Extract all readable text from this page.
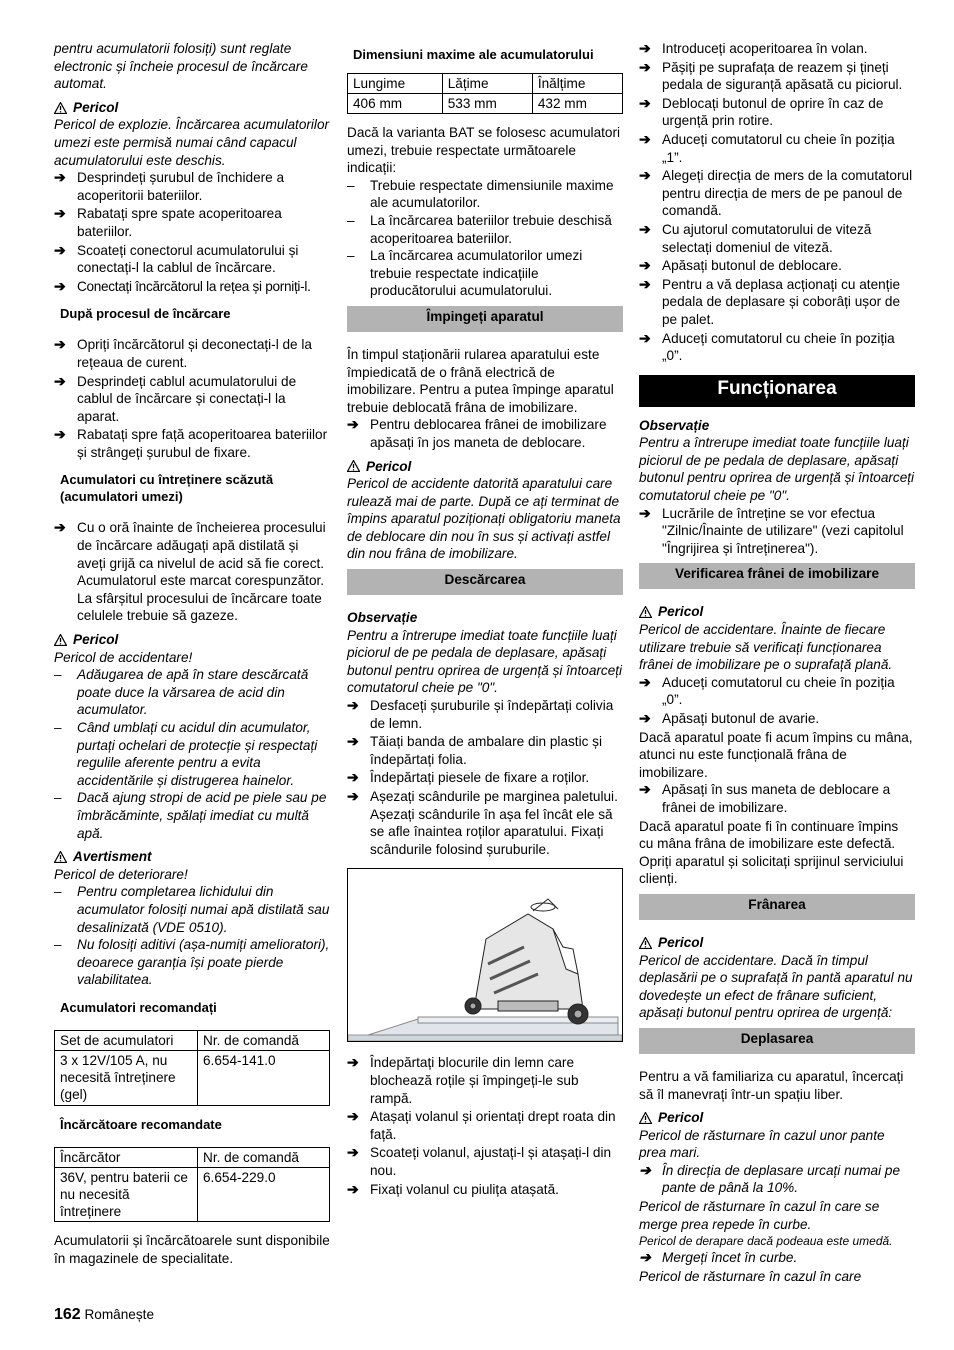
pentru acumulatorii folosiți) sunt reglate electronic și încheie procesul de încărcare automat.

Pericol

Pericol de explozie. Încărcarea acumulatorilor umezi este permisă numai când capacul acumulatorului este deschis.

➔ Desprindeți șurubul de închidere a acoperitorii bateriilor.
➔ Rabatați spre spate acoperitoarea bateriilor.
➔ Scoateți conectorul acumulatorului și conectați-l la cablul de încărcare.
➔ Conectați încărcătorul la rețea și porniți-l.
După procesul de încărcare
➔ Opriți încărcătorul și deconectați-l de la rețeaua de curent.
➔ Desprindeți cablul acumulatorului de cablul de încărcare și conectați-l la aparat.
➔ Rabatați spre față acoperitoarea bateriilor și strângeți șurubul de fixare.
Acumulatori cu întreținere scăzută (acumulatori umezi)
➔ Cu o oră înainte de încheierea procesului de încărcare adăugați apă distilată și aveți grijă ca nivelul de acid să fie corect. Acumulatorul este marcat corespunzător. La sfârșitul procesului de încărcare toate celulele trebuie să gazeze.
Pericol

Pericol de accidentare!

–	Adăugarea de apă în stare descărcată poate duce la vărsarea de acid din acumulator.
–	Când umblați cu acidul din acumulator, purtați ochelari de protecție și respectați regulile aferente pentru a evita accidentările și distrugerea hainelor.
–	Dacă ajung stropi de acid pe piele sau pe îmbrăcăminte, spălați imediat cu multă apă.
Avertisment

Pericol de deteriorare!

–	Pentru completarea lichidului din acumulator folosiți numai apă distilată sau desalinizată (VDE 0510).
–	Nu folosiți aditivi (așa-numiți amelioratori), deoarece garanția își poate pierde valabilitatea.
Acumulatori recomandați
Set de acumulatori	Nr. de comandă
3 x 12V/105 A, nu necesită întreținere (gel)	6.654-141.0
Încărcătoare recomandate
Încărcător	Nr. de comandă
36V, pentru baterii ce nu necesită întreținere	6.654-229.0

Acumulatorii și încărcătoarele sunt disponibile în magazinele de specialitate.

Dimensiuni maxime ale acumulatorului
Lungime	Lățime	Înălțime
406 mm	533 mm	432 mm

Dacă la varianta BAT se folosesc acumulatori umezi, trebuie respectate următoarele indicații:

–	Trebuie respectate dimensiunile maxime ale acumulatorilor.
–	La încărcarea bateriilor trebuie deschisă acoperitoarea bateriilor.
–	La încărcarea acumulatorilor umezi trebuie respectate indicațiile producătorului acumulatorului.
Împingeți aparatul

În timpul staționării rularea aparatului este împiedicată de o frână electrică de imobilizare. Pentru a putea împinge aparatul trebuie deblocată frâna de imobilizare.

➔ Pentru deblocarea frânei de imobilizare apăsați în jos maneta de deblocare.
Pericol

Pericol de accidente datorită aparatului care rulează mai de parte. După ce ați terminat de împins aparatul poziționați obligatoriu maneta de deblocare din nou în sus și activați astfel din nou frâna de imobilizare.

Descărcarea

Observație

Pentru a întrerupe imediat toate funcțiile luați piciorul de pe pedala de deplasare, apăsați butonul pentru oprirea de urgență și întoarceți comutatorul cheie pe "0".

➔ Desfaceți șuruburile și îndepărtați colivia de lemn.
➔ Tăiați banda de ambalare din plastic și îndepărtați folia.
➔ Îndepărtați piesele de fixare a roților.
➔ Așezați scândurile pe marginea paletului. Așezați scândurile în așa fel încât ele să se afle înaintea roților aparatului. Fixați scândurile folosind șuruburile.
➔ Îndepărtați blocurile din lemn care blochează roțile și împingeți-le sub rampă.
➔ Atașați volanul și orientați drept roata din față.
➔ Scoateți volanul, ajustați-l și atașați-l din nou.
➔ Fixați volanul cu piulița atașată.
➔ Introduceți acoperitoarea în volan.
➔ Pășiți pe suprafața de reazem și țineți pedala de siguranță apăsată cu piciorul.
➔ Deblocați butonul de oprire în caz de urgență prin rotire.
➔ Aduceți comutatorul cu cheie în poziția „1”.
➔ Alegeți direcția de mers de la comutatorul pentru direcția de mers de pe panoul de comandă.
➔ Cu ajutorul comutatorului de viteză selectați domeniul de viteză.
➔ Apăsați butonul de deblocare.
➔ Pentru a vă deplasa acționați cu atenție pedala de deplasare și coborâți ușor de pe palet.
➔ Aduceți comutatorul cu cheie în poziția „0”.
Funcționarea

Observație

Pentru a întrerupe imediat toate funcțiile luați piciorul de pe pedala de deplasare, apăsați butonul pentru oprirea de urgență și întoarceți comutatorul cheie pe "0".

➔ Lucrările de întreține se vor efectua "Zilnic/Înainte de utilizare" (vezi capitolul "Îngrijirea și întreținerea").
Verificarea frânei de imobilizare
Pericol

Pericol de accidentare. Înainte de fiecare utilizare trebuie să verificați funcționarea frânei de imobilizare pe o suprafață plană.

➔ Aduceți comutatorul cu cheie în poziția „0”.
➔ Apăsați butonul de avarie.

Dacă aparatul poate fi acum împins cu mâna, atunci nu este funcțională frâna de imobilizare.

➔ Apăsați în sus maneta de deblocare a frânei de imobilizare.

Dacă aparatul poate fi în continuare împins cu mâna frâna de imobilizare este defectă. Opriți aparatul și solicitați sprijinul serviciului clienți.

Frânarea
Pericol

Pericol de accidentare. Dacă în timpul deplasării pe o suprafață în pantă aparatul nu dovedește un efect de frânare suficient, apăsați butonul pentru oprirea de urgență:

Deplasarea

Pentru a vă familiariza cu aparatul, încercați să îl manevrați într-un spațiu liber.

Pericol

Pericol de răsturnare în cazul unor pante prea mari.

➔ În direcția de deplasare urcați numai pe pante de până la 10%.

Pericol de răsturnare în cazul în care se merge prea repede în curbe.

Pericol de derapare dacă podeaua este umedă.

➔ Mergeți încet în curbe.

Pericol de răsturnare în cazul în care

162 Românește
